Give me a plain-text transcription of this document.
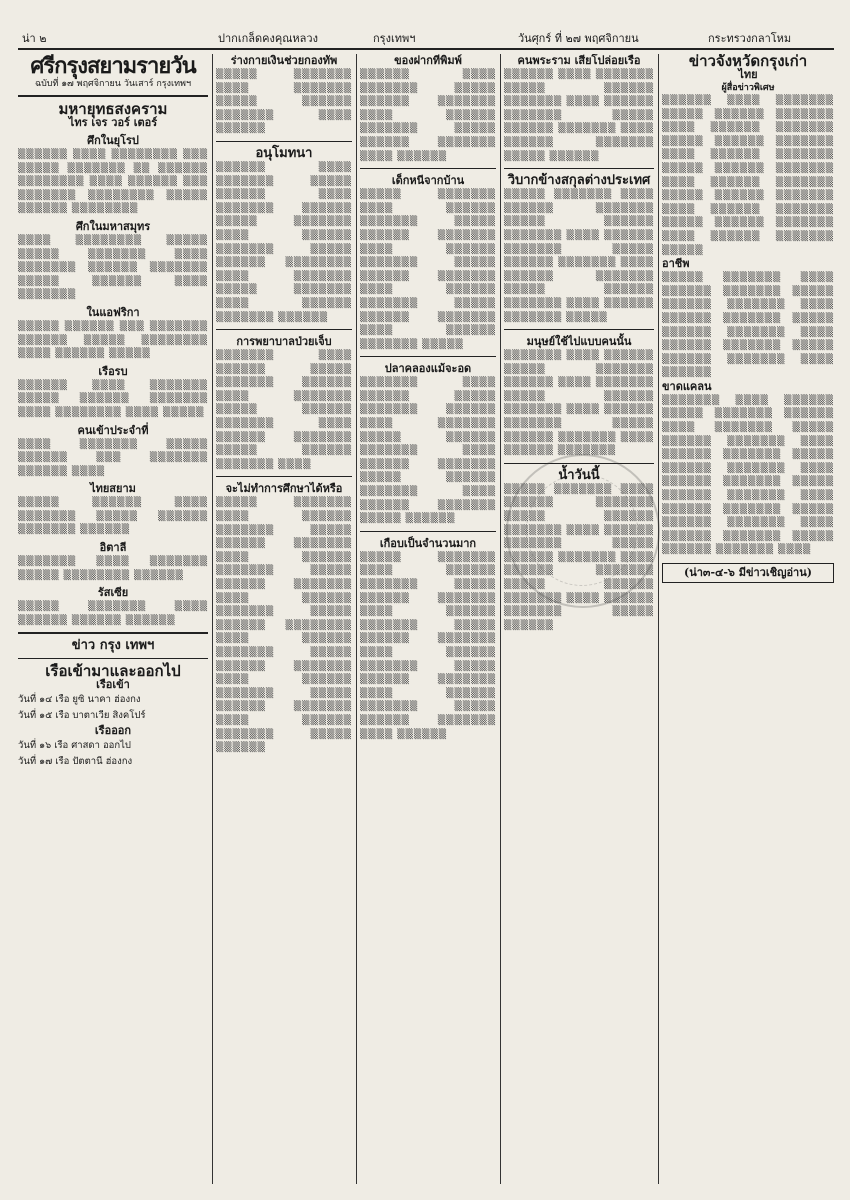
น่า ๒	ปากเกล็ดคงคุณหลวง	กรุงเทพฯ	วันศุกร์ ที่ ๒๗ พฤศจิกายน	กระทรวงกลาโหม
ศรีกรุงสยามรายวัน
ฉบับที่ ๑๗ พฤศจิกายน วันเสาร์ กรุงเทพฯ
มหายุทธสงคราม
ไทร เจร วอร์ เตอร์
ศึกในยุโรป
▒▒▒▒▒▒ ▒▒▒▒ ▒▒▒▒▒▒▒▒ ▒▒▒ ▒▒▒▒▒ ▒▒▒▒▒▒▒ ▒▒ ▒▒▒▒▒▒ ▒▒▒▒▒▒▒▒ ▒▒▒▒ ▒▒▒▒▒▒ ▒▒▒ ▒▒▒▒▒▒▒ ▒▒▒▒▒▒▒▒ ▒▒▒▒▒ ▒▒▒▒▒▒ ▒▒▒▒▒▒▒▒
ศึกในมหาสมุทร
▒▒▒▒ ▒▒▒▒▒▒▒▒ ▒▒▒▒▒ ▒▒▒▒▒ ▒▒▒▒▒▒▒ ▒▒▒▒ ▒▒▒▒▒▒▒ ▒▒▒▒▒▒ ▒▒▒▒▒▒▒ ▒▒▒▒▒ ▒▒▒▒▒▒ ▒▒▒▒ ▒▒▒▒▒▒▒
ในแอฟริกา
▒▒▒▒▒ ▒▒▒▒▒▒ ▒▒▒ ▒▒▒▒▒▒▒ ▒▒▒▒▒▒ ▒▒▒▒▒ ▒▒▒▒▒▒▒▒ ▒▒▒▒ ▒▒▒▒▒▒ ▒▒▒▒▒
เรือรบ
▒▒▒▒▒▒ ▒▒▒▒ ▒▒▒▒▒▒▒ ▒▒▒▒▒ ▒▒▒▒▒▒ ▒▒▒▒▒▒▒ ▒▒▒▒ ▒▒▒▒▒▒▒▒ ▒▒▒▒ ▒▒▒▒▒
คนเข้าประจำที่
▒▒▒▒ ▒▒▒▒▒▒▒ ▒▒▒▒▒ ▒▒▒▒▒▒ ▒▒▒ ▒▒▒▒▒▒▒ ▒▒▒▒▒▒ ▒▒▒▒
ไทยสยาม
▒▒▒▒▒ ▒▒▒▒▒▒ ▒▒▒▒ ▒▒▒▒▒▒▒ ▒▒▒▒▒ ▒▒▒▒▒▒ ▒▒▒▒▒▒▒ ▒▒▒▒▒▒
อิตาลี
▒▒▒▒▒▒▒ ▒▒▒▒ ▒▒▒▒▒▒▒ ▒▒▒▒▒ ▒▒▒▒▒▒▒▒ ▒▒▒▒▒▒
รัสเซีย
▒▒▒▒▒ ▒▒▒▒▒▒▒ ▒▒▒▒ ▒▒▒▒▒▒ ▒▒▒▒▒▒ ▒▒▒▒▒▒
ข่าว กรุง เทพฯ
เรือเข้ามาและออกไป
เรือเข้า
วันที่ ๑๔ เรือ ยูซิ นาคา ฮ่องกง
วันที่ ๑๕ เรือ บาตาเวีย สิงคโปร์
เรือออก
วันที่ ๑๖ เรือ ศาสดา ออกไป
วันที่ ๑๗ เรือ ปัตตานี ฮ่องกง
ร่างกายเงินช่วยกองทัพ
▒▒▒▒▒ ▒▒▒▒▒▒▒ ▒▒▒▒ ▒▒▒▒▒▒▒ ▒▒▒▒▒ ▒▒▒▒▒▒ ▒▒▒▒▒▒▒ ▒▒▒▒ ▒▒▒▒▒▒
อนุโมทนา
▒▒▒▒▒▒ ▒▒▒▒ ▒▒▒▒▒▒▒ ▒▒▒▒▒ ▒▒▒▒▒▒ ▒▒▒▒ ▒▒▒▒▒▒▒ ▒▒▒▒▒▒ ▒▒▒▒▒ ▒▒▒▒▒▒▒ ▒▒▒▒ ▒▒▒▒▒▒ ▒▒▒▒▒▒▒ ▒▒▒▒▒ ▒▒▒▒▒▒ ▒▒▒▒▒▒▒▒ ▒▒▒▒ ▒▒▒▒▒▒▒ ▒▒▒▒▒ ▒▒▒▒▒▒▒ ▒▒▒▒ ▒▒▒▒▒▒ ▒▒▒▒▒▒▒ ▒▒▒▒▒▒
การพยาบาลป่วยเจ็บ
▒▒▒▒▒▒▒ ▒▒▒▒ ▒▒▒▒▒▒ ▒▒▒▒▒ ▒▒▒▒▒▒▒ ▒▒▒▒▒▒ ▒▒▒▒ ▒▒▒▒▒▒▒ ▒▒▒▒▒ ▒▒▒▒▒▒ ▒▒▒▒▒▒▒ ▒▒▒▒ ▒▒▒▒▒▒ ▒▒▒▒▒▒▒ ▒▒▒▒▒ ▒▒▒▒▒▒ ▒▒▒▒▒▒▒ ▒▒▒▒
จะไม่ทำการศึกษาได้หรือ
▒▒▒▒▒ ▒▒▒▒▒▒▒ ▒▒▒▒ ▒▒▒▒▒▒ ▒▒▒▒▒▒▒ ▒▒▒▒▒ ▒▒▒▒▒▒ ▒▒▒▒▒▒▒ ▒▒▒▒ ▒▒▒▒▒▒ ▒▒▒▒▒▒▒ ▒▒▒▒▒ ▒▒▒▒▒▒ ▒▒▒▒▒▒▒ ▒▒▒▒ ▒▒▒▒▒▒ ▒▒▒▒▒▒▒ ▒▒▒▒▒ ▒▒▒▒▒▒ ▒▒▒▒▒▒▒▒ ▒▒▒▒ ▒▒▒▒▒▒ ▒▒▒▒▒▒▒ ▒▒▒▒▒ ▒▒▒▒▒▒ ▒▒▒▒▒▒▒ ▒▒▒▒ ▒▒▒▒▒▒ ▒▒▒▒▒▒▒ ▒▒▒▒▒ ▒▒▒▒▒▒ ▒▒▒▒▒▒▒ ▒▒▒▒ ▒▒▒▒▒▒ ▒▒▒▒▒▒▒ ▒▒▒▒▒ ▒▒▒▒▒▒
ของฝากที่พิมพ์
▒▒▒▒▒▒ ▒▒▒▒ ▒▒▒▒▒▒▒ ▒▒▒▒▒ ▒▒▒▒▒▒ ▒▒▒▒▒▒▒ ▒▒▒▒ ▒▒▒▒▒▒ ▒▒▒▒▒▒▒ ▒▒▒▒▒ ▒▒▒▒▒▒ ▒▒▒▒▒▒▒ ▒▒▒▒ ▒▒▒▒▒▒
เด็กหนีจากบ้าน
▒▒▒▒▒ ▒▒▒▒▒▒▒ ▒▒▒▒ ▒▒▒▒▒▒ ▒▒▒▒▒▒▒ ▒▒▒▒▒ ▒▒▒▒▒▒ ▒▒▒▒▒▒▒ ▒▒▒▒ ▒▒▒▒▒▒ ▒▒▒▒▒▒▒ ▒▒▒▒▒ ▒▒▒▒▒▒ ▒▒▒▒▒▒▒ ▒▒▒▒ ▒▒▒▒▒▒ ▒▒▒▒▒▒▒ ▒▒▒▒▒ ▒▒▒▒▒▒ ▒▒▒▒▒▒▒ ▒▒▒▒ ▒▒▒▒▒▒ ▒▒▒▒▒▒▒ ▒▒▒▒▒
ปลาคลองแม้จะอด
▒▒▒▒▒▒▒ ▒▒▒▒ ▒▒▒▒▒▒ ▒▒▒▒▒ ▒▒▒▒▒▒▒ ▒▒▒▒▒▒ ▒▒▒▒ ▒▒▒▒▒▒▒ ▒▒▒▒▒ ▒▒▒▒▒▒ ▒▒▒▒▒▒▒ ▒▒▒▒ ▒▒▒▒▒▒ ▒▒▒▒▒▒▒ ▒▒▒▒▒ ▒▒▒▒▒▒ ▒▒▒▒▒▒▒ ▒▒▒▒ ▒▒▒▒▒▒ ▒▒▒▒▒▒▒ ▒▒▒▒▒ ▒▒▒▒▒▒
เกือบเป็นจำนวนมาก
▒▒▒▒▒ ▒▒▒▒▒▒▒ ▒▒▒▒ ▒▒▒▒▒▒ ▒▒▒▒▒▒▒ ▒▒▒▒▒ ▒▒▒▒▒▒ ▒▒▒▒▒▒▒ ▒▒▒▒ ▒▒▒▒▒▒ ▒▒▒▒▒▒▒ ▒▒▒▒▒ ▒▒▒▒▒▒ ▒▒▒▒▒▒▒ ▒▒▒▒ ▒▒▒▒▒▒ ▒▒▒▒▒▒▒ ▒▒▒▒▒ ▒▒▒▒▒▒ ▒▒▒▒▒▒▒ ▒▒▒▒ ▒▒▒▒▒▒ ▒▒▒▒▒▒▒ ▒▒▒▒▒ ▒▒▒▒▒▒ ▒▒▒▒▒▒▒ ▒▒▒▒ ▒▒▒▒▒▒
คนพระราม เสียโปล่อยเรือ
▒▒▒▒▒▒ ▒▒▒▒ ▒▒▒▒▒▒▒ ▒▒▒▒▒ ▒▒▒▒▒▒ ▒▒▒▒▒▒▒ ▒▒▒▒ ▒▒▒▒▒▒ ▒▒▒▒▒▒▒ ▒▒▒▒▒ ▒▒▒▒▒▒ ▒▒▒▒▒▒▒ ▒▒▒▒ ▒▒▒▒▒▒ ▒▒▒▒▒▒▒ ▒▒▒▒▒ ▒▒▒▒▒▒
วิบากข้างสกุลต่างประเทศ
▒▒▒▒▒ ▒▒▒▒▒▒▒ ▒▒▒▒ ▒▒▒▒▒▒ ▒▒▒▒▒▒▒ ▒▒▒▒▒ ▒▒▒▒▒▒ ▒▒▒▒▒▒▒ ▒▒▒▒ ▒▒▒▒▒▒ ▒▒▒▒▒▒▒ ▒▒▒▒▒ ▒▒▒▒▒▒ ▒▒▒▒▒▒▒ ▒▒▒▒ ▒▒▒▒▒▒ ▒▒▒▒▒▒▒ ▒▒▒▒▒ ▒▒▒▒▒▒ ▒▒▒▒▒▒▒ ▒▒▒▒ ▒▒▒▒▒▒ ▒▒▒▒▒▒▒ ▒▒▒▒▒
มนุษย์ใช้ไปแบบคนนั้น
▒▒▒▒▒▒▒ ▒▒▒▒ ▒▒▒▒▒▒ ▒▒▒▒▒ ▒▒▒▒▒▒▒ ▒▒▒▒▒▒ ▒▒▒▒ ▒▒▒▒▒▒▒ ▒▒▒▒▒ ▒▒▒▒▒▒ ▒▒▒▒▒▒▒ ▒▒▒▒ ▒▒▒▒▒▒ ▒▒▒▒▒▒▒ ▒▒▒▒▒ ▒▒▒▒▒▒ ▒▒▒▒▒▒▒ ▒▒▒▒ ▒▒▒▒▒▒ ▒▒▒▒▒▒▒
น้ำวันนี้
▒▒▒▒▒ ▒▒▒▒▒▒▒ ▒▒▒▒ ▒▒▒▒▒▒ ▒▒▒▒▒▒▒ ▒▒▒▒▒ ▒▒▒▒▒▒ ▒▒▒▒▒▒▒ ▒▒▒▒ ▒▒▒▒▒▒ ▒▒▒▒▒▒▒ ▒▒▒▒▒ ▒▒▒▒▒▒ ▒▒▒▒▒▒▒ ▒▒▒▒ ▒▒▒▒▒▒ ▒▒▒▒▒▒▒ ▒▒▒▒▒ ▒▒▒▒▒▒ ▒▒▒▒▒▒▒ ▒▒▒▒ ▒▒▒▒▒▒ ▒▒▒▒▒▒▒ ▒▒▒▒▒ ▒▒▒▒▒▒
ข่าวจังหวัดกรุงเก่า
ไทย
ผู้สื่อข่าวพิเศษ
▒▒▒▒▒▒ ▒▒▒▒ ▒▒▒▒▒▒▒ ▒▒▒▒▒ ▒▒▒▒▒▒ ▒▒▒▒▒▒▒ ▒▒▒▒ ▒▒▒▒▒▒ ▒▒▒▒▒▒▒ ▒▒▒▒▒ ▒▒▒▒▒▒ ▒▒▒▒▒▒▒ ▒▒▒▒ ▒▒▒▒▒▒ ▒▒▒▒▒▒▒ ▒▒▒▒▒ ▒▒▒▒▒▒ ▒▒▒▒▒▒▒ ▒▒▒▒ ▒▒▒▒▒▒ ▒▒▒▒▒▒▒ ▒▒▒▒▒ ▒▒▒▒▒▒ ▒▒▒▒▒▒▒ ▒▒▒▒ ▒▒▒▒▒▒ ▒▒▒▒▒▒▒ ▒▒▒▒▒ ▒▒▒▒▒▒ ▒▒▒▒▒▒▒ ▒▒▒▒ ▒▒▒▒▒▒ ▒▒▒▒▒▒▒ ▒▒▒▒▒
อาชีพ
▒▒▒▒▒ ▒▒▒▒▒▒▒ ▒▒▒▒ ▒▒▒▒▒▒ ▒▒▒▒▒▒▒ ▒▒▒▒▒ ▒▒▒▒▒▒ ▒▒▒▒▒▒▒ ▒▒▒▒ ▒▒▒▒▒▒ ▒▒▒▒▒▒▒ ▒▒▒▒▒ ▒▒▒▒▒▒ ▒▒▒▒▒▒▒ ▒▒▒▒ ▒▒▒▒▒▒ ▒▒▒▒▒▒▒ ▒▒▒▒▒ ▒▒▒▒▒▒ ▒▒▒▒▒▒▒ ▒▒▒▒ ▒▒▒▒▒▒
ขาดแคลน
▒▒▒▒▒▒▒ ▒▒▒▒ ▒▒▒▒▒▒ ▒▒▒▒▒ ▒▒▒▒▒▒▒ ▒▒▒▒▒▒ ▒▒▒▒ ▒▒▒▒▒▒▒ ▒▒▒▒▒ ▒▒▒▒▒▒ ▒▒▒▒▒▒▒ ▒▒▒▒ ▒▒▒▒▒▒ ▒▒▒▒▒▒▒ ▒▒▒▒▒ ▒▒▒▒▒▒ ▒▒▒▒▒▒▒ ▒▒▒▒ ▒▒▒▒▒▒ ▒▒▒▒▒▒▒ ▒▒▒▒▒ ▒▒▒▒▒▒ ▒▒▒▒▒▒▒ ▒▒▒▒ ▒▒▒▒▒▒ ▒▒▒▒▒▒▒ ▒▒▒▒▒ ▒▒▒▒▒▒ ▒▒▒▒▒▒▒ ▒▒▒▒ ▒▒▒▒▒▒ ▒▒▒▒▒▒▒ ▒▒▒▒▒ ▒▒▒▒▒▒ ▒▒▒▒▒▒▒ ▒▒▒▒
(น่า๓-๔-๖ มีข่าวเชิญอ่าน)
